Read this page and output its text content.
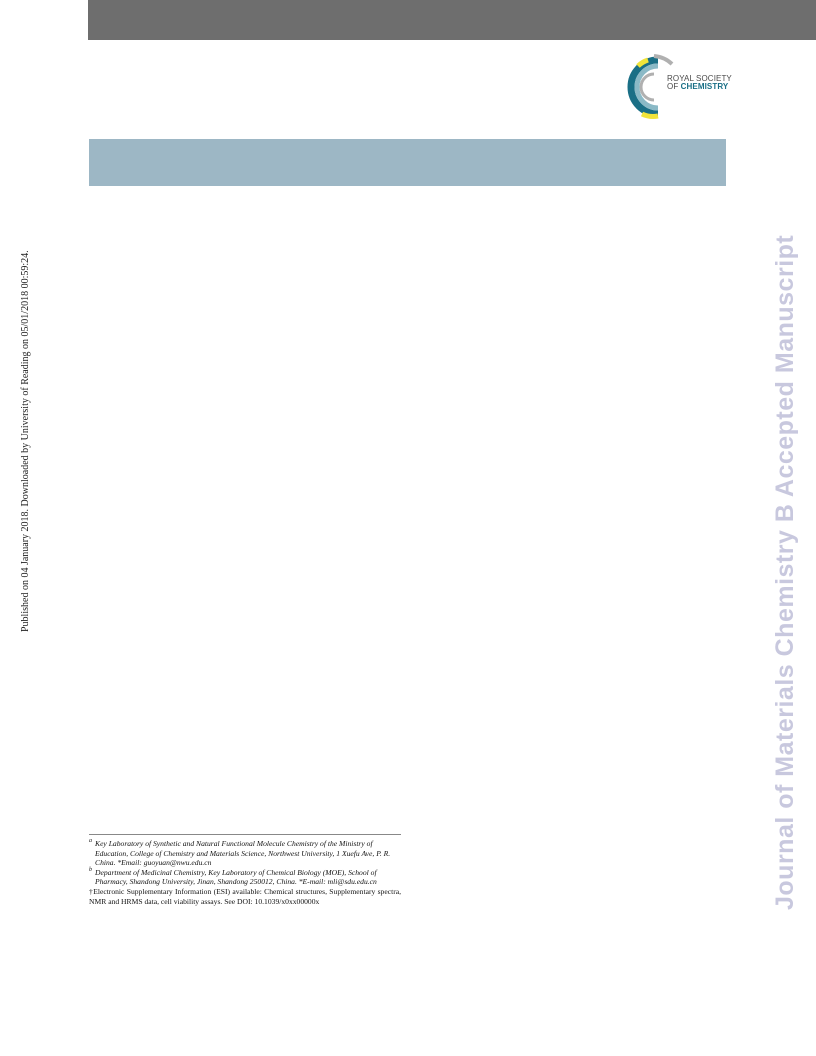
ROYAL SOCIETY
OF CHEMISTRY
Published on 04 January 2018. Downloaded by University of Reading on 05/01/2018 00:59:24.	Journal of Materials Chemistry B Accepted Manuscript
a Key Laboratory of Synthetic and Natural Functional Molecule Chemistry of the Ministry of Education, College of Chemistry and Materials Science, Northwest University, 1 Xuefu Ave, P. R. China. *Email: guoyuan@nwu.edu.cn
b Department of Medicinal Chemistry, Key Laboratory of Chemical Biology (MOE), School of Pharmacy, Shandong University, Jinan, Shandong 250012, China. *E-mail: mli@sdu.edu.cn
†Electronic Supplementary Information (ESI) available: Chemical structures, Supplementary spectra, NMR and HRMS data, cell viability assays. See DOI: 10.1039/x0xx00000x
